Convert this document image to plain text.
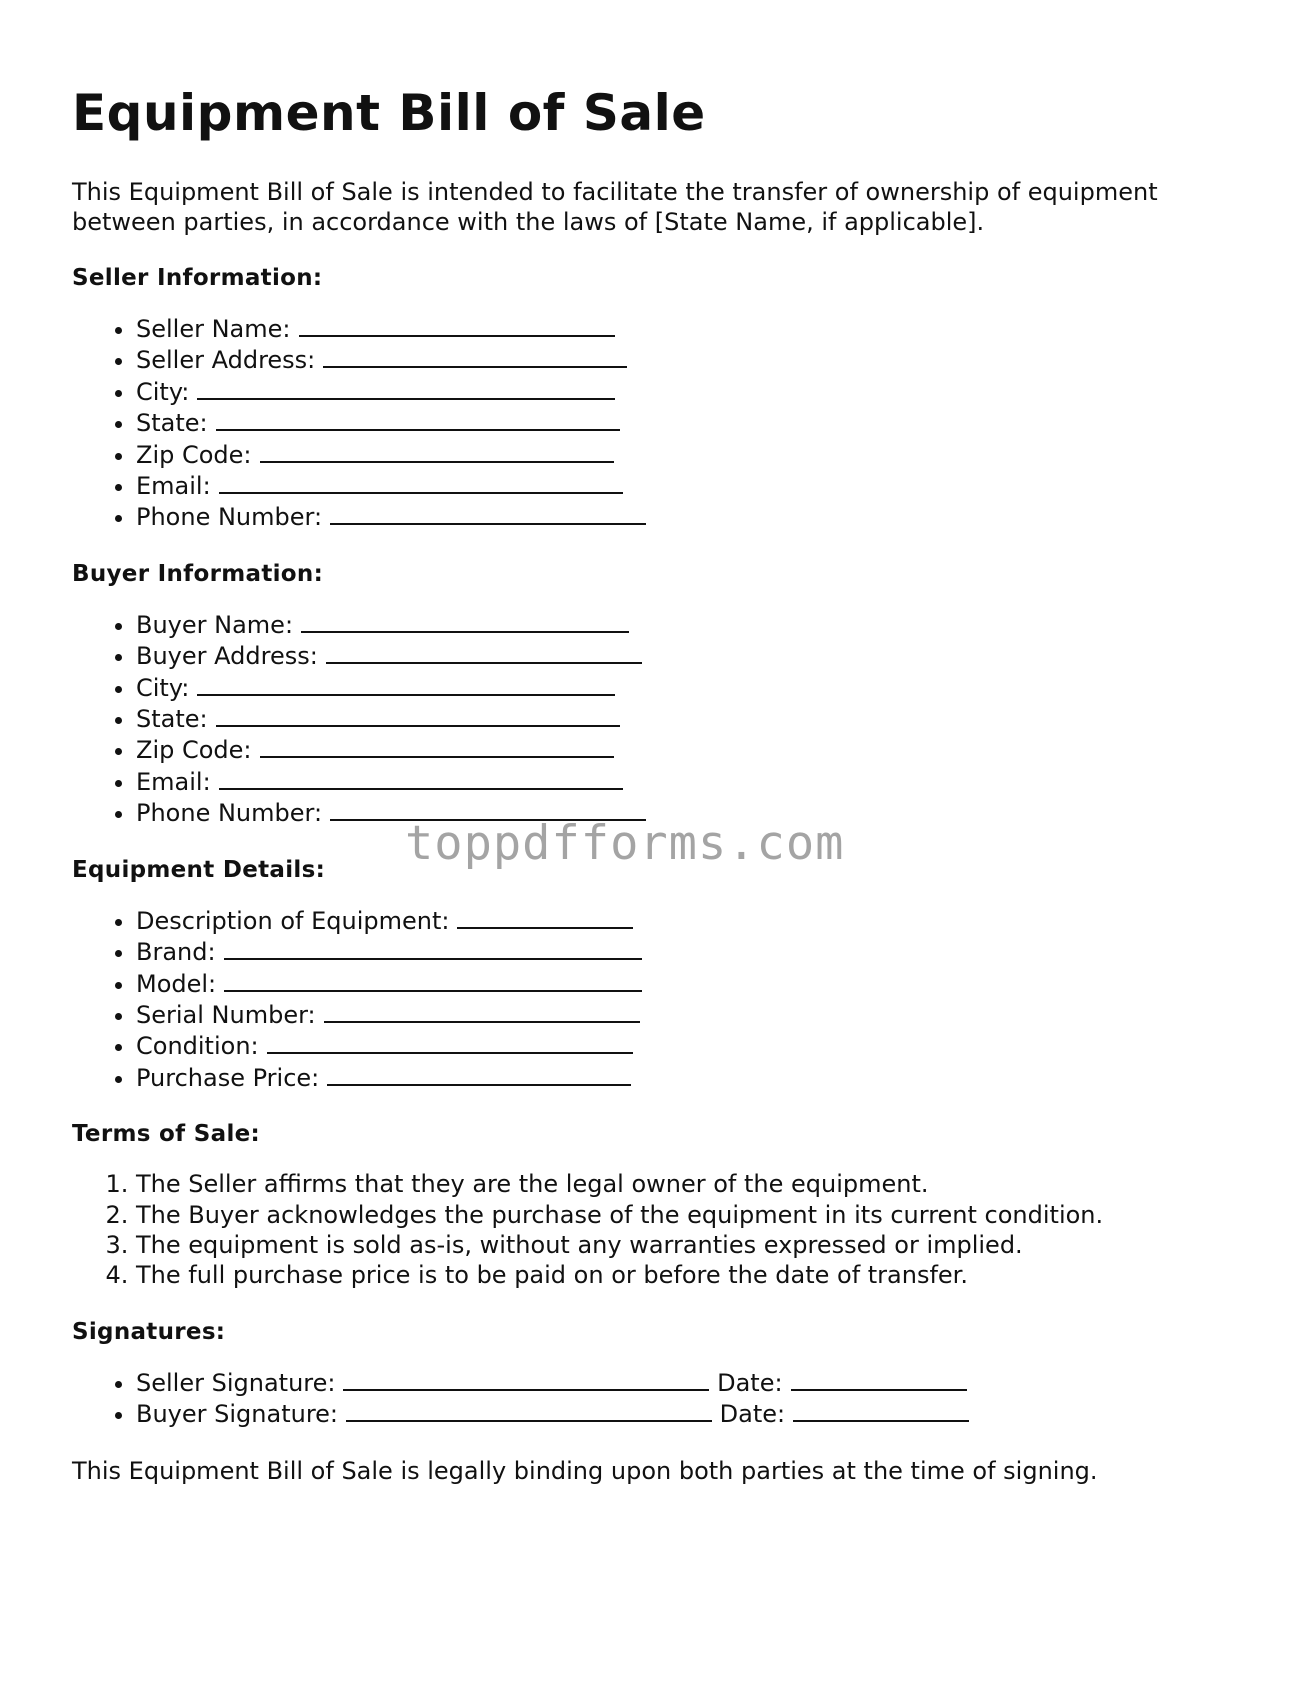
Equipment Bill of Sale

This Equipment Bill of Sale is intended to facilitate the transfer of ownership of equipment between parties, in accordance with the laws of [State Name, if applicable].

Seller Information:
• Seller Name:
• Seller Address:
• City:
• State:
• Zip Code:
• Email:
• Phone Number:
Buyer Information:
• Buyer Name:
• Buyer Address:
• City:
• State:
• Zip Code:
• Email:
• Phone Number:
Equipment Details:
• Description of Equipment:
• Brand:
• Model:
• Serial Number:
• Condition:
• Purchase Price:
Terms of Sale:
1. The Seller affirms that they are the legal owner of the equipment.
2. The Buyer acknowledges the purchase of the equipment in its current condition.
3. The equipment is sold as-is, without any warranties expressed or implied.
4. The full purchase price is to be paid on or before the date of transfer.
Signatures:
• Seller Signature:	Date:
• Buyer Signature:	Date:

This Equipment Bill of Sale is legally binding upon both parties at the time of signing.

toppdfforms.com
